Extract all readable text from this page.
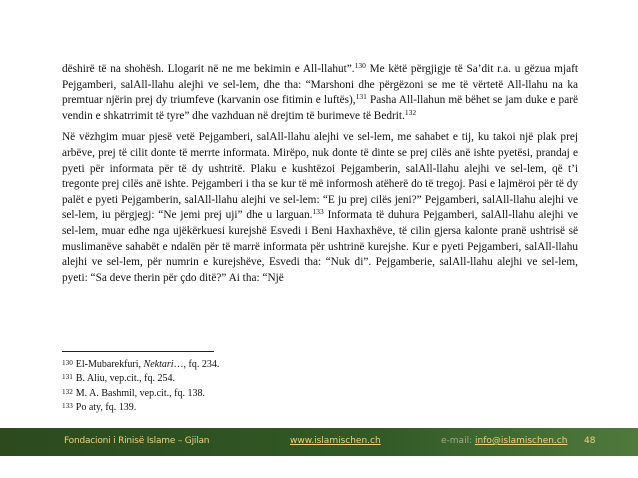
dëshirë të na shohësh. Llogarit në ne me bekimin e All-llahut”.$^{130}$ Me këtë përgjigje të Sa’dit r.a. u gëzua mjaft Pejgamberi, salAll-llahu alejhi ve sel-lem, dhe tha: “Marshoni dhe përgëzoni se me të vërtetë All-llahu na ka premtuar njërin prej dy triumfeve (karvanin ose fitimin e luftës),$^{131}$ Pasha All-llahun më bëhet se jam duke e parë vendin e shkatrrimit të tyre” dhe vazhduan në drejtim të burimeve të Bedrit.$^{132}$

Në vëzhgim muar pjesë vetë Pejgamberi, salAll-llahu alejhi ve sel-lem, me sahabet e tij, ku takoi një plak prej arbëve, prej të cilit donte të merrte informata. Mirëpo, nuk donte të dinte se prej cilës anë ishte pyetësi, prandaj e pyeti për informata për të dy ushtritë. Plaku e kushtëzoi Pejgamberin, salAll-llahu alejhi ve sel-lem, që t’i tregonte prej cilës anë ishte. Pejgamberi i tha se kur të më informosh atëherë do të tregoj. Pasi e lajmëroi për të dy palët e pyeti Pejgamberin, salAll-llahu alejhi ve sel-lem: “E ju prej cilës jeni?” Pejgamberi, salAll-llahu alejhi ve sel-lem, iu përgjegj: “Ne jemi prej uji” dhe u larguan.$^{133}$ Informata të duhura Pejgamberi, salAll-llahu alejhi ve sel-lem, muar edhe nga ujëkërkuesi kurejshë Esvedi i Beni Haxhaxhëve, të cilin gjersa kalonte pranë ushtrisë së muslimanëve sahabët e ndalën për të marrë informata për ushtrinë kurejshe. Kur e pyeti Pejgamberi, salAll-llahu alejhi ve sel-lem, për numrin e kurejshëve, Esvedi tha: “Nuk di”. Pejgamberie, salAll-llahu alejhi ve sel-lem, pyeti: “Sa deve therin për çdo ditë?” Ai tha: “Një

$^{130}$ El-Mubarekfuri, Nektari…, fq. 234.

$^{131}$ B. Aliu, vep.cit., fq. 254.

$^{132}$ M. A. Bashmil, vep.cit., fq. 138.

$^{133}$ Po aty, fq. 139.

Fondacioni i Rinisë Islame – Gjilan	www.islamischen.ch	e-mail: info@islamischen.ch 48
